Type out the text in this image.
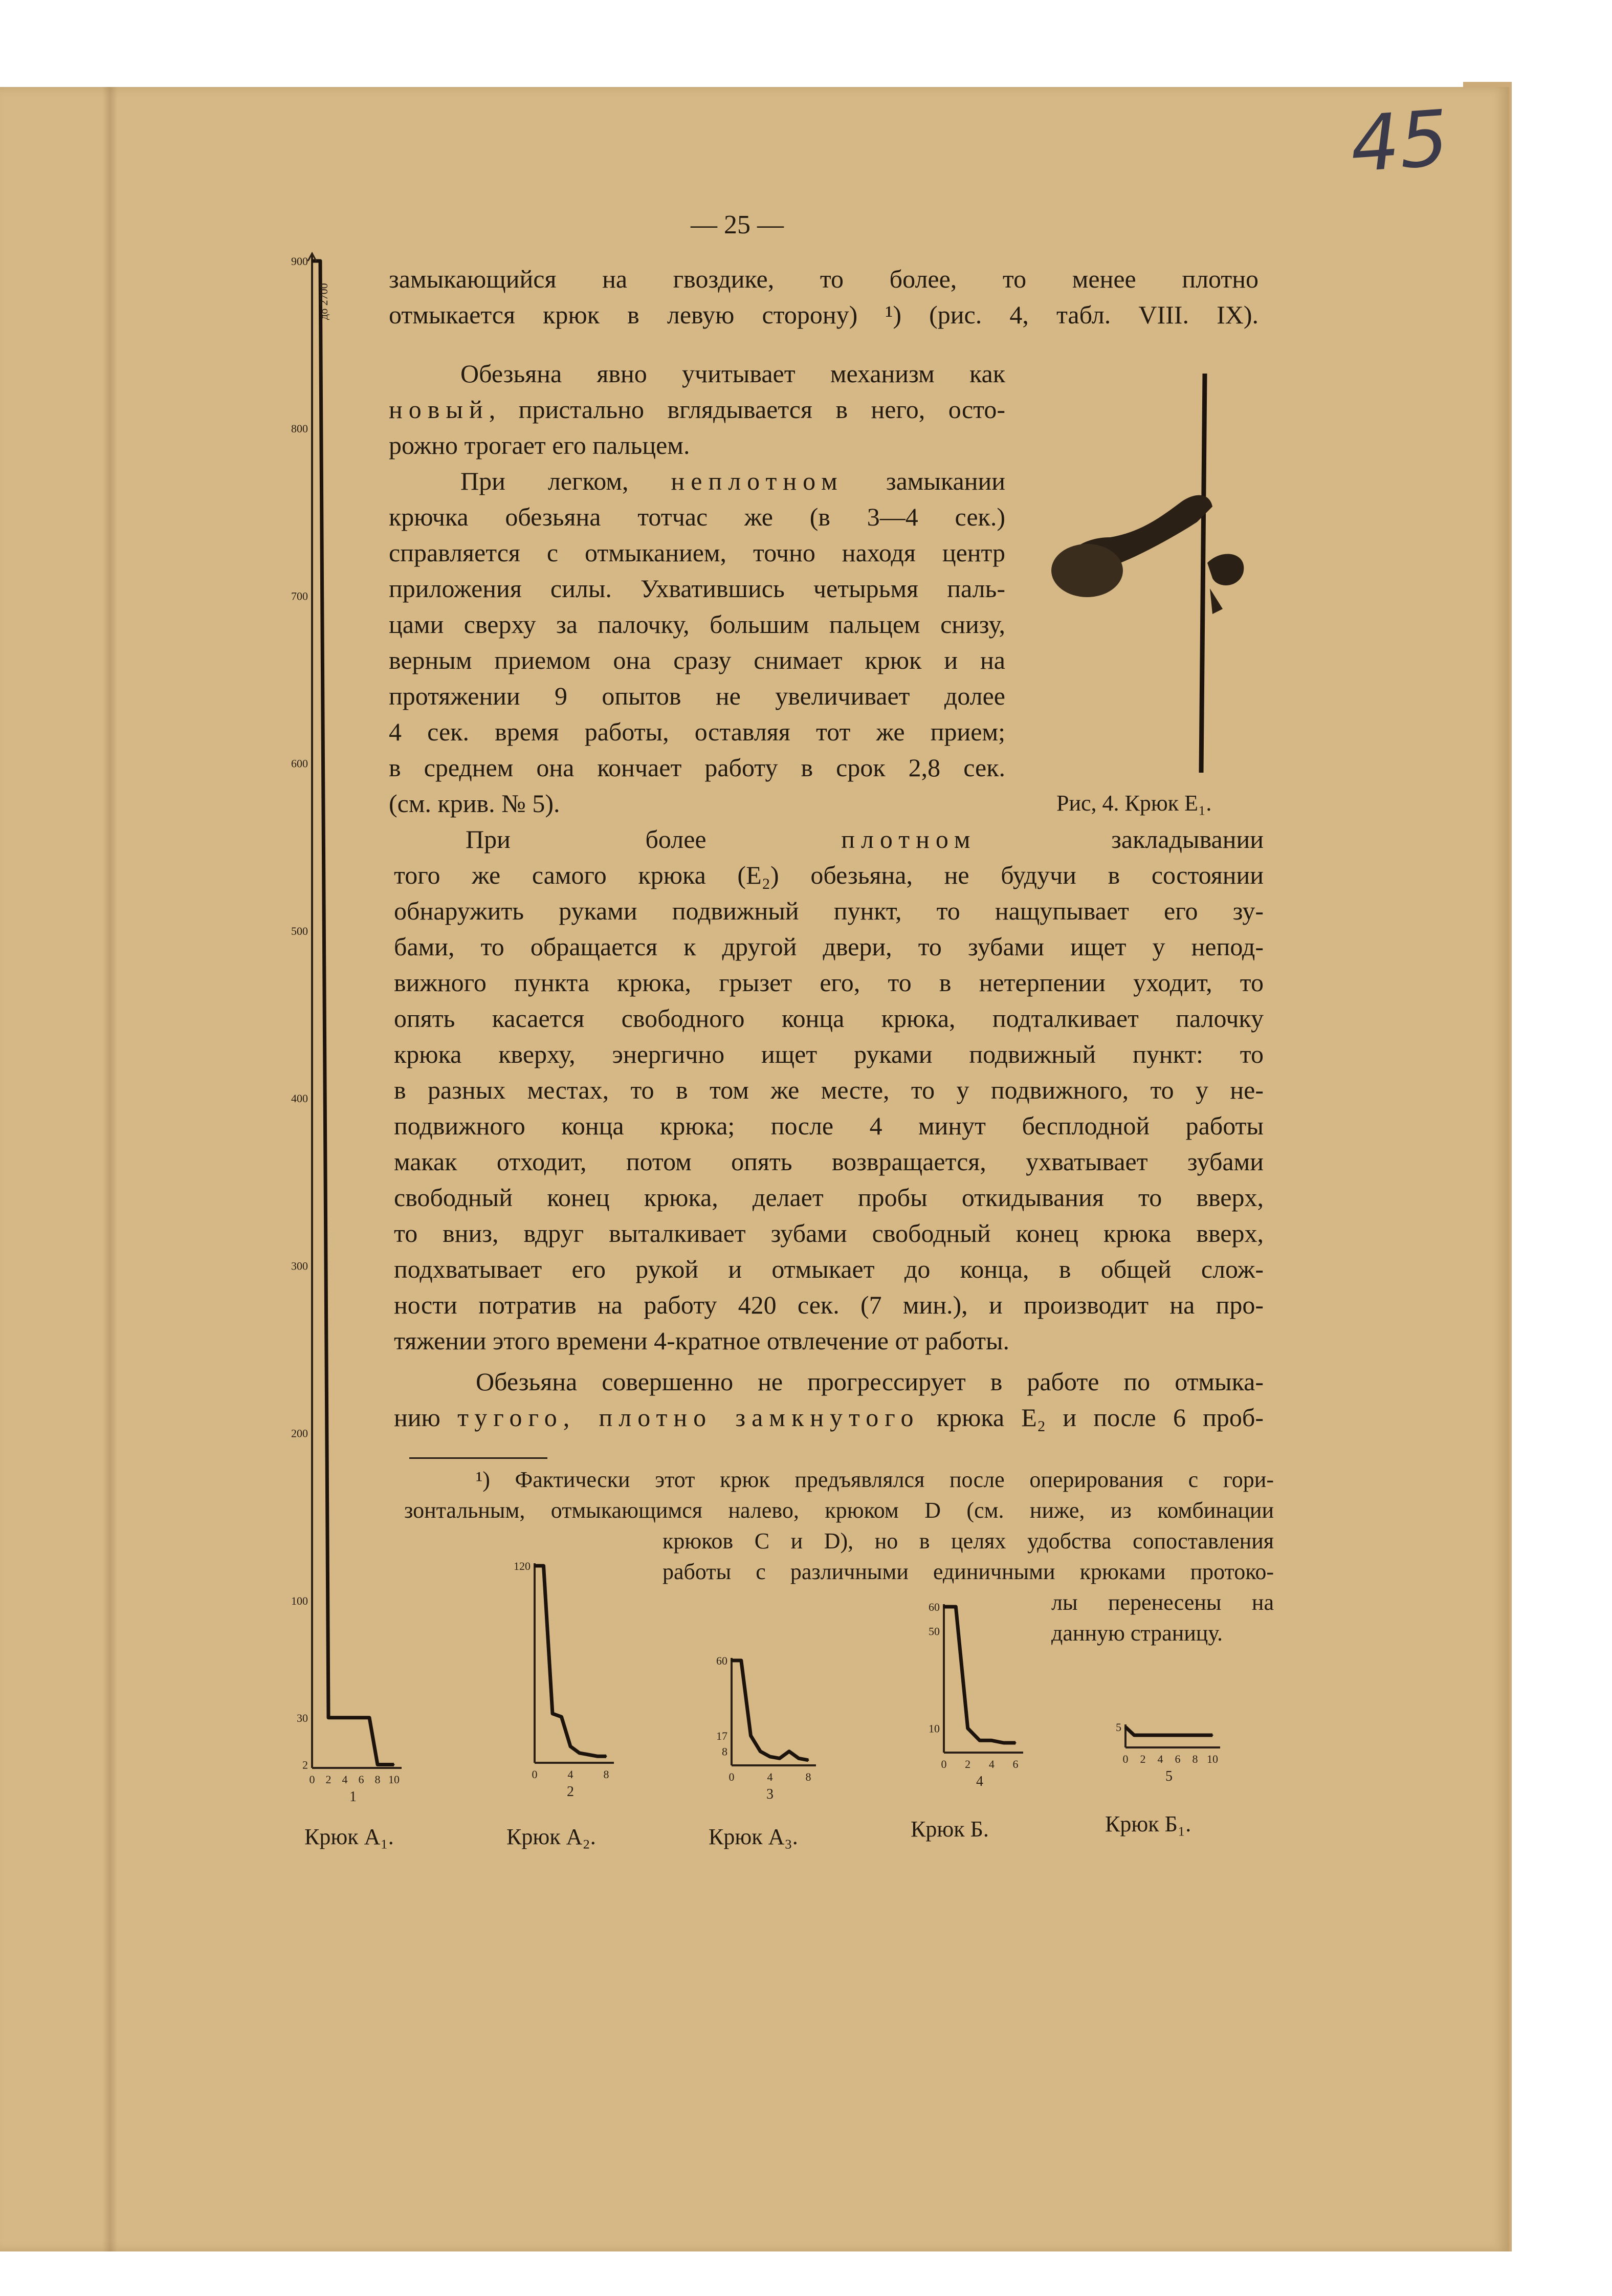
45
— 25 —
замыкающийся на гвоздике, то более, то менее плотно
отмыкается крюк в левую сторону) ¹) (рис. 4, табл. VIII. IX).
Обезьяна явно учитывает механизм как
новый, пристально вглядывается в него, осто-
рожно трогает его пальцем.
При легком, неплотном замыкании
крючка обезьяна тотчас же (в 3—4 сек.)
справляется с отмыканием, точно находя центр
приложения силы. Ухватившись четырьмя паль-
цами сверху за палочку, большим пальцем снизу,
верным приемом она сразу снимает крюк и на
протяжении 9 опытов не увеличивает долее
4 сек. время работы, оставляя тот же прием;
в среднем она кончает работу в срок 2,8 сек.
(см. крив. № 5).	Рис, 4. Крюк E₁.
При более плотном закладывании
того же самого крюка (E₂) обезьяна, не будучи в состоянии
обнаружить руками подвижный пункт, то нащупывает его зу-
бами, то обращается к другой двери, то зубами ищет у непод-
вижного пункта крюка, грызет его, то в нетерпении уходит, то
опять касается свободного конца крюка, подталкивает палочку
крюка кверху, энергично ищет руками подвижный пункт: то
в разных местах, то в том же месте, то у подвижного, то у не-
подвижного конца крюка; после 4 минут бесплодной работы
макак отходит, потом опять возвращается, ухватывает зубами
свободный конец крюка, делает пробы откидывания то вверх,
то вниз, вдруг выталкивает зубами свободный конец крюка вверх,
подхватывает его рукой и отмыкает до конца, в общей слож-
ности потратив на работу 420 сек. (7 мин.), и производит на про-
тяжении этого времени 4-кратное отвлечение от работы.
Обезьяна совершенно не прогрессирует в работе по отмыка-
нию тугого, плотно замкнутого крюка E₂ и после 6 проб-
¹) Фактически этот крюк предъявлялся после оперирования с гори-
зонтальным, отмыкающимся налево, крюком D (см. ниже, из комбинации
крюков C и D), но в целях удобства сопоставления
работы с различными единичными крюками протоко-
лы перенесены на
данную страницу.
0 2 4 6 8 10
900
800
700
600
500
400
300
200
100
30
2
1
до 2700
0	4	8
120
2
0	4	8
60
17
8
3
0 2 4 6
60
50
10
4
0 2 4 6 8 10
5
5
Крюк A₁.	Крюк A₂.	Крюк A₃.	Крюк Б.	Крюк Б₁.
